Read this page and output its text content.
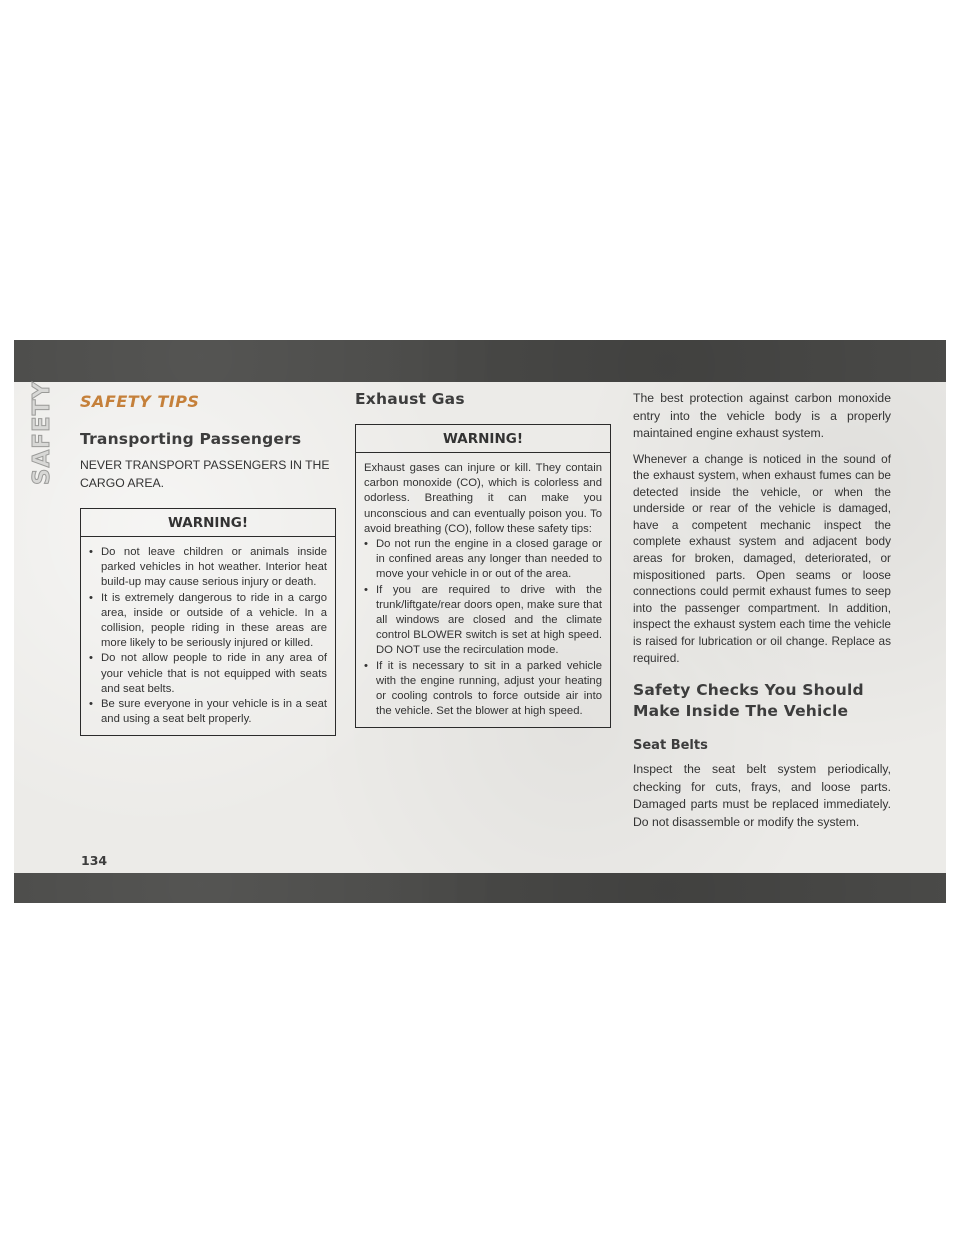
SAFETY SAFETY TIPS
Transporting Passengers

NEVER TRANSPORT PASSENGERS IN THE CARGO AREA.

WARNING!
• Do not leave children or animals inside parked vehicles in hot weather. Interior heat build-up may cause serious injury or death.
• It is extremely dangerous to ride in a cargo area, inside or outside of a vehicle. In a collision, people riding in these areas are more likely to be seriously injured or killed.
• Do not allow people to ride in any area of your vehicle that is not equipped with seats and seat belts.
• Be sure everyone in your vehicle is in a seat and using a seat belt properly.
Exhaust Gas
WARNING!
Exhaust gases can injure or kill. They contain carbon monoxide (CO), which is colorless and odorless. Breathing it can make you unconscious and can eventually poison you. To avoid breathing (CO), follow these safety tips:
• Do not run the engine in a closed garage or in confined areas any longer than needed to move your vehicle in or out of the area.
• If you are required to drive with the trunk/liftgate/rear doors open, make sure that all windows are closed and the climate control BLOWER switch is set at high speed. DO NOT use the recirculation mode.
• If it is necessary to sit in a parked vehicle with the engine running, adjust your heating or cooling controls to force outside air into the vehicle. Set the blower at high speed.

The best protection against carbon monoxide entry into the vehicle body is a properly maintained engine exhaust system.

Whenever a change is noticed in the sound of the exhaust system, when exhaust fumes can be detected inside the vehicle, or when the underside or rear of the vehicle is damaged, have a competent mechanic inspect the complete exhaust system and adjacent body areas for broken, damaged, deteriorated, or mispositioned parts. Open seams or loose connections could permit exhaust fumes to seep into the passenger compartment. In addition, inspect the exhaust system each time the vehicle is raised for lubrication or oil change. Replace as required.

Safety Checks You Should Make Inside The Vehicle
Seat Belts

Inspect the seat belt system periodically, checking for cuts, frays, and loose parts. Damaged parts must be replaced immediately. Do not disassemble or modify the system.

134
